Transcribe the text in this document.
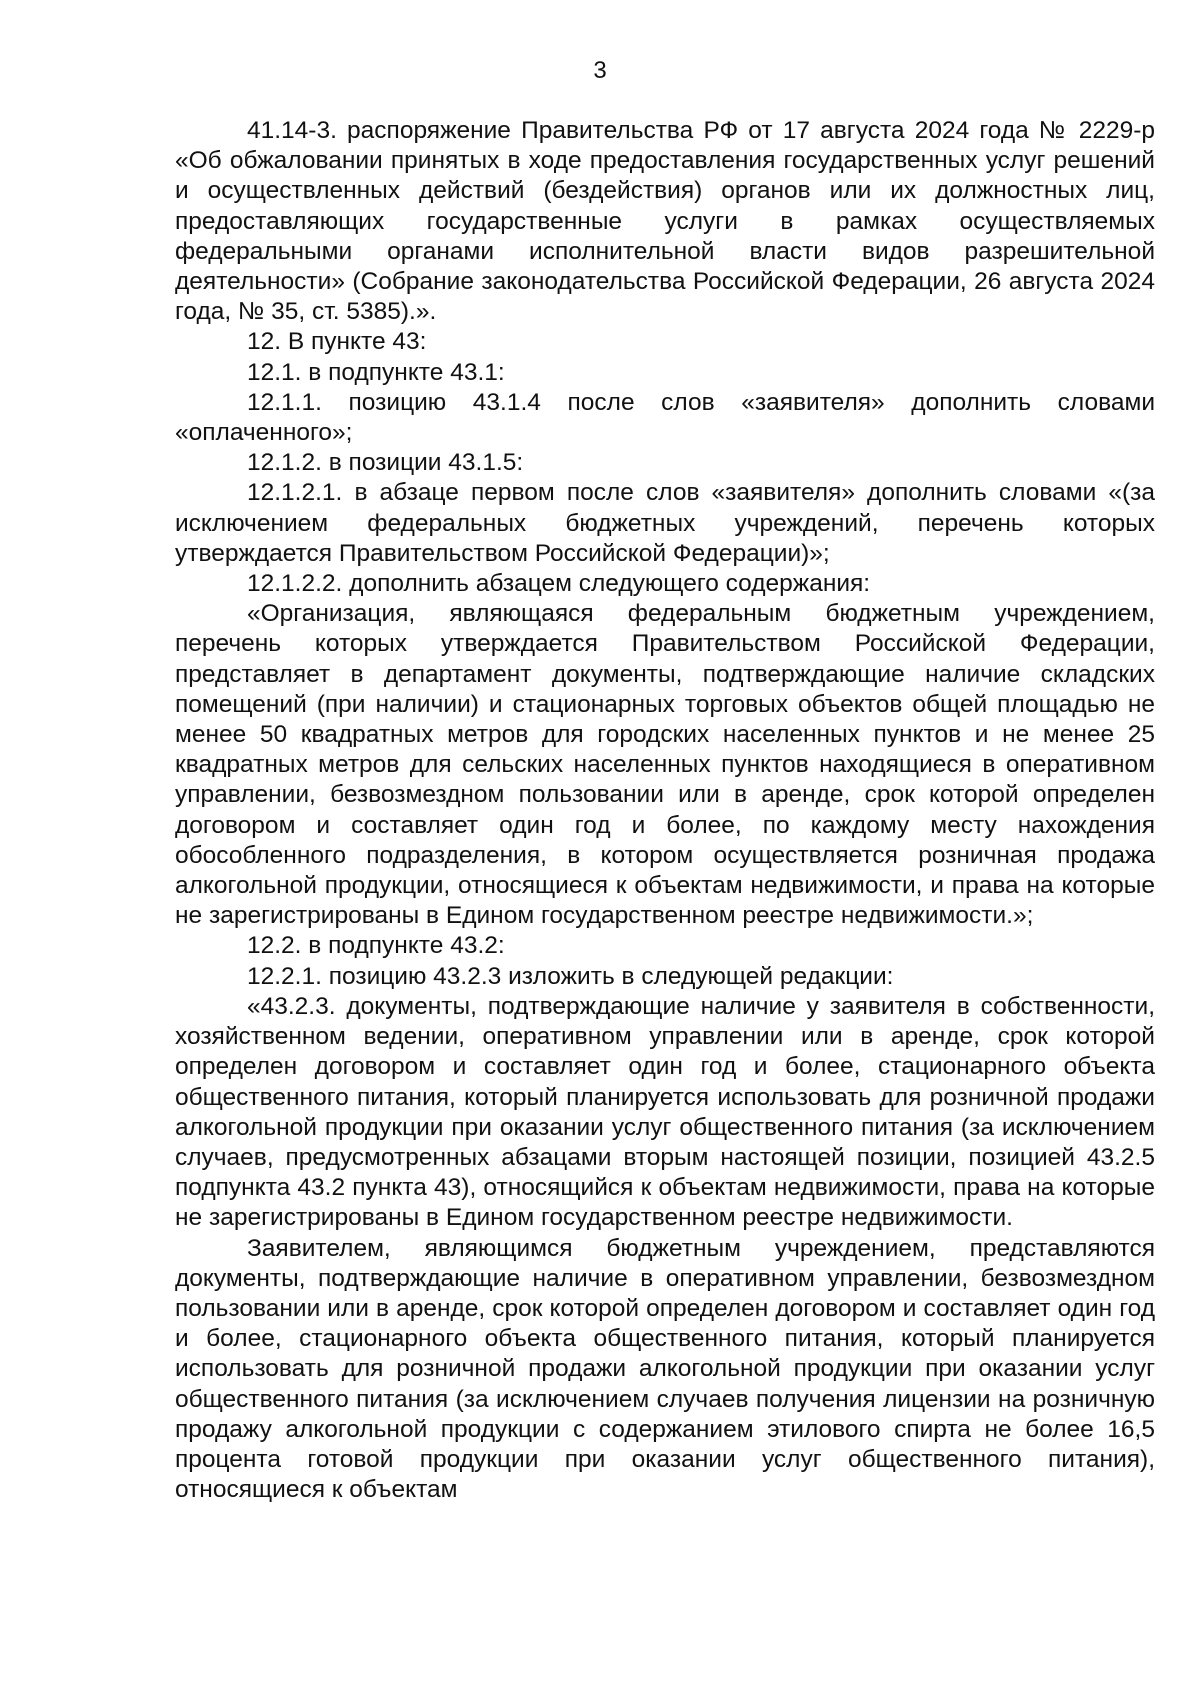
3

41.14-3. распоряжение Правительства РФ от 17 августа 2024 года № 2229-р «Об обжаловании принятых в ходе предоставления государственных услуг решений и осуществленных действий (бездействия) органов или их должностных лиц, предоставляющих государственные услуги в рамках осуществляемых федеральными органами исполнительной власти видов разрешительной деятельности» (Собрание законодательства Российской Федерации, 26 августа 2024 года, № 35, ст. 5385).».

12. В пункте 43:

12.1. в подпункте 43.1:

12.1.1. позицию 43.1.4 после слов «заявителя» дополнить словами «оплаченного»;

12.1.2. в позиции 43.1.5:

12.1.2.1. в абзаце первом после слов «заявителя» дополнить словами «(за исключением федеральных бюджетных учреждений, перечень которых утверждается Правительством Российской Федерации)»;

12.1.2.2. дополнить абзацем следующего содержания:

«Организация, являющаяся федеральным бюджетным учреждением, перечень которых утверждается Правительством Российской Федерации, представляет в департамент документы, подтверждающие наличие складских помещений (при наличии) и стационарных торговых объектов общей площадью не менее 50 квадратных метров для городских населенных пунктов и не менее 25 квадратных метров для сельских населенных пунктов находящиеся в оперативном управлении, безвозмездном пользовании или в аренде, срок которой определен договором и составляет один год и более, по каждому месту нахождения обособленного подразделения, в котором осуществляется розничная продажа алкогольной продукции, относящиеся к объектам недвижимости, и права на которые не зарегистрированы в Едином государственном реестре недвижимости.»;

12.2. в подпункте 43.2:

12.2.1. позицию 43.2.3 изложить в следующей редакции:

«43.2.3. документы, подтверждающие наличие у заявителя в собственности, хозяйственном ведении, оперативном управлении или в аренде, срок которой определен договором и составляет один год и более, стационарного объекта общественного питания, который планируется использовать для розничной продажи алкогольной продукции при оказании услуг общественного питания (за исключением случаев, предусмотренных абзацами вторым настоящей позиции, позицией 43.2.5 подпункта 43.2 пункта 43), относящийся к объектам недвижимости, права на которые не зарегистрированы в Едином государственном реестре недвижимости.

Заявителем, являющимся бюджетным учреждением, представляются документы, подтверждающие наличие в оперативном управлении, безвозмездном пользовании или в аренде, срок которой определен договором и составляет один год и более, стационарного объекта общественного питания, который планируется использовать для розничной продажи алкогольной продукции при оказании услуг общественного питания (за исключением случаев получения лицензии на розничную продажу алкогольной продукции с содержанием этилового спирта не более 16,5 процента готовой продукции при оказании услуг общественного питания), относящиеся к объектам
